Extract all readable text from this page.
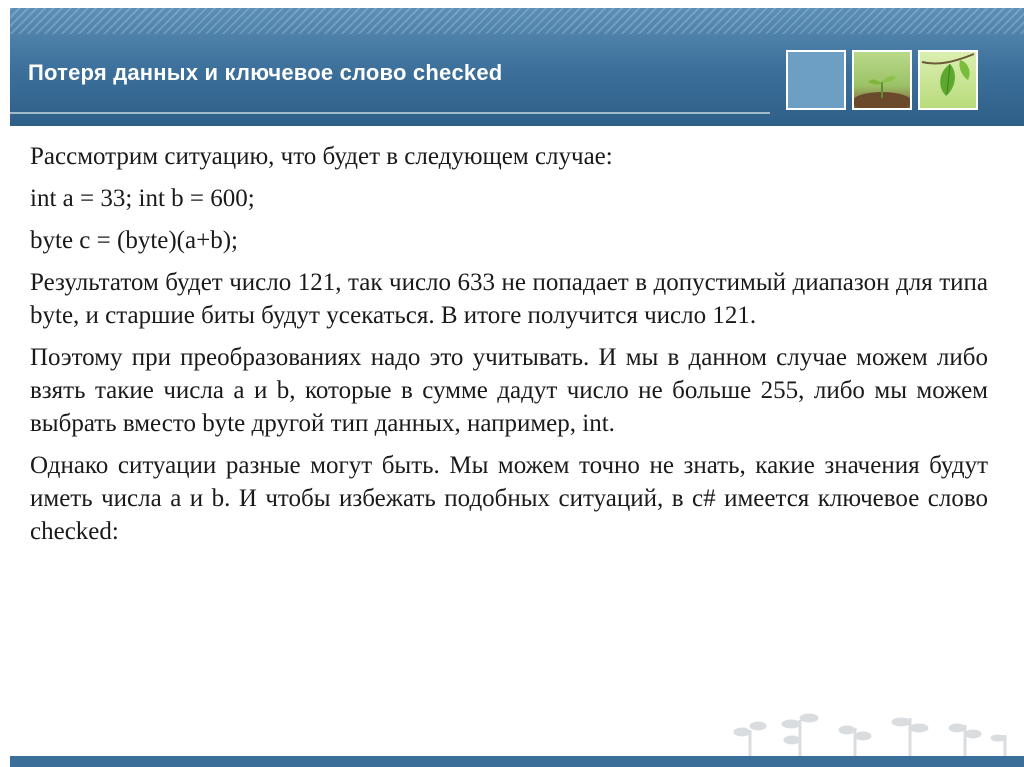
Потеря данных и ключевое слово checked

Рассмотрим ситуацию, что будет в следующем случае:

int a = 33; int b = 600;

byte c = (byte)(a+b);

Результатом будет число 121, так число 633 не попадает в допустимый диапазон для типа byte, и старшие биты будут усекаться. В итоге получится число 121.

Поэтому при преобразованиях надо это учитывать. И мы в данном случае можем либо взять такие числа a и b, которые в сумме дадут число не больше 255, либо мы можем выбрать вместо byte другой тип данных, например, int.

Однако ситуации разные могут быть. Мы можем точно не знать, какие значения будут иметь числа a и b. И чтобы избежать подобных ситуаций, в c# имеется ключевое слово checked:
